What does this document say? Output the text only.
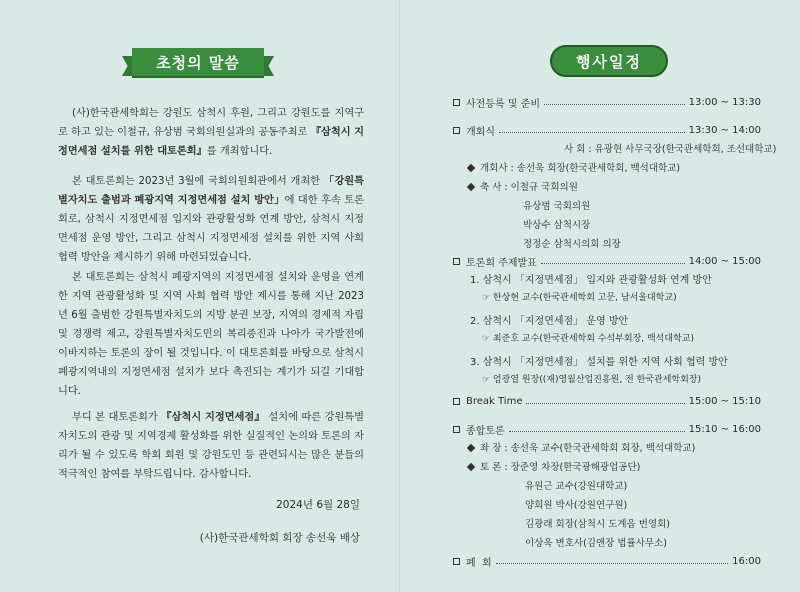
초청의 말씀

(사)한국관세학회는 강원도 삼척시 후원, 그리고 강원도를 지역구로 하고 있는 이철규, 유상범 국회의원실과의 공동주최로 『삼척시 지정면세점 설치를 위한 대토론회』를 개최합니다.

본 대토론회는 2023년 3월에 국회의원회관에서 개최한 「강원특별자치도 출범과 폐광지역 지정면세점 설치 방안」에 대한 후속 토론회로, 삼척시 지정면세점 입지와 관광활성화 연계 방안, 삼척시 지정면세점 운영 방안, 그리고 삼척시 지정면세점 설치를 위한 지역 사회 협력 방안을 제시하기 위해 마련되었습니다.

본 대토론회는 삼척시 폐광지역의 지정면세점 설치와 운영을 연계한 지역 관광활성화 및 지역 사회 협력 방안 제시를 통해 지난 2023년 6월 출범한 강원특별자치도의 지방 분권 보장, 지역의 경제적 자립 및 경쟁력 제고, 강원특별자치도민의 복리증진과 나아가 국가발전에 이바지하는 토론의 장이 될 것입니다. 이 대토론회를 바탕으로 삼척시 폐광지역내의 지정면세점 설치가 보다 촉진되는 계기가 되길 기대합니다.

부디 본 대토론회가 『삼척시 지정면세점』 설치에 따른 강원특별자치도의 관광 및 지역경제 활성화를 위한 실질적인 논의와 토론의 자리가 될 수 있도록 학회 회원 및 강원도민 등 관련되시는 많은 분들의 적극적인 참여를 부탁드립니다. 감사합니다.

2024년 6월 28일
(사)한국관세학회 회장 송선욱 배상
행사일정
사전등록 및 준비	13:00 ~ 13:30
개회식	13:30 ~ 14:00
사 회 : 유광현 사무국장(한국관세학회, 조선대학교)
개회사 : 송선욱 회장(한국관세학회, 백석대학교)
축 사 : 이철규 국회의원
유상범 국회의원
박상수 삼척시장
정정순 삼척시의회 의장
토론회 주제발표	14:00 ~ 15:00
1. 삼척시 「지정면세점」 입지와 관광활성화 연계 방안
☞ 한상현 교수(한국관세학회 고문, 남서울대학교)
2. 삼척시 「지정면세점」 운영 방안
☞ 최준호 교수(한국관세학회 수석부회장, 백석대학교)
3. 삼척시 「지정면세점」 설치를 위한 지역 사회 협력 방안
☞ 엄광열 원장((재)영월산업진흥원, 전 한국관세학회장)
Break Time	15:00 ~ 15:10
종합토론	15:10 ~ 16:00
좌 장 : 송선욱 교수(한국관세학회 회장, 백석대학교)
토 론 : 장준영 차장(한국광해광업공단)
유원근 교수(강원대학교)
양희원 박사(강원연구원)
김광래 회장(삼척시 도계읍 번영회)
이상욱 변호사(김앤장 법률사무소)
폐  회	16:00
